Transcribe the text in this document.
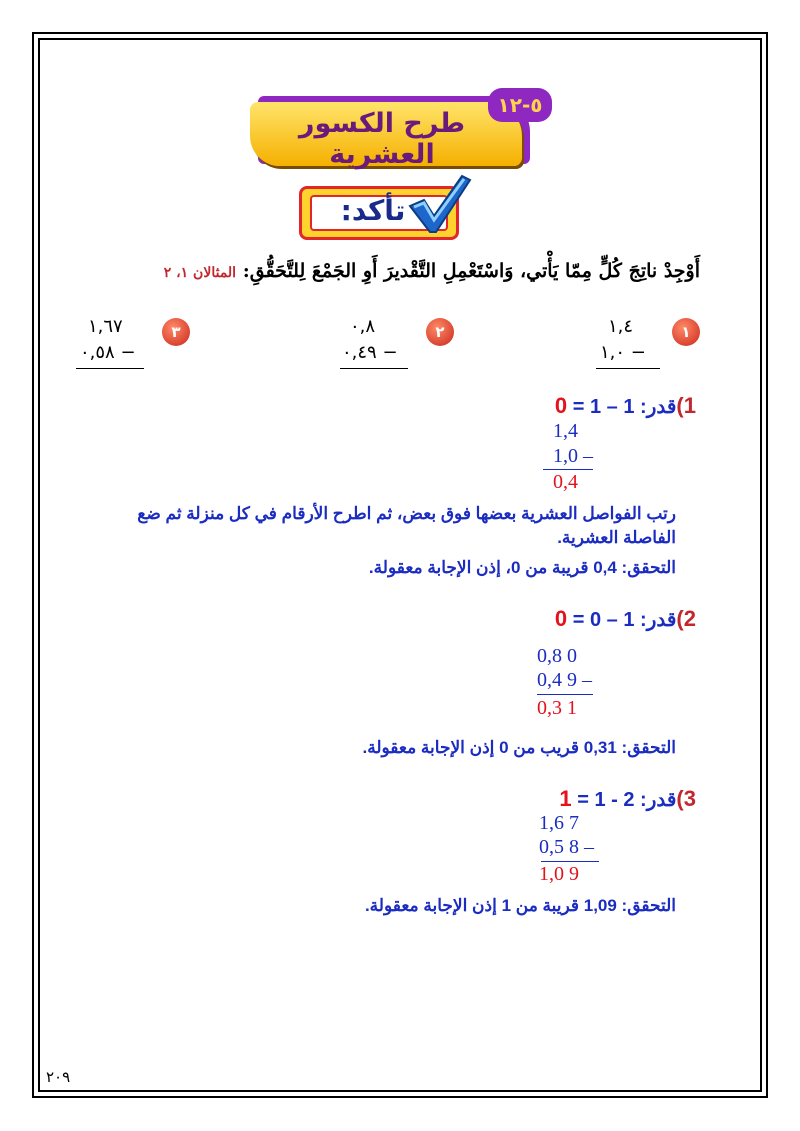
طرح الكسور العشرية
٥-١٢
تأكد:
أَوْجِدْ ناتِجَ كُلٍّ مِمّا يَأْتي، وَاسْتَعْمِلِ التَّقْديرَ أَوِ الجَمْعَ لِلتَّحَقُّقِ: المثالان ١، ٢
١
١,٤
١,٠ −
٢
٠,٨
٠,٤٩ −
٣
١,٦٧
٠,٥٨ −
1)قدر: 1 – 1 = 0
1,4
1,0 –
0,4
رتب الفواصل العشرية بعضها فوق بعض، ثم اطرح الأرقام في كل منزلة ثم ضع الفاصلة العشرية.
التحقق: 0,4 قريبة من 0، إذن الإجابة معقولة.
2)قدر: 1 – 0 = 0
0,8 0
0,4 9 –
0,3 1
التحقق: 0,31 قريب من 0 إذن الإجابة معقولة.
3)قدر: 2 - 1 = 1
1,6 7
0,5 8 –
1,0 9
التحقق: 1,09 قريبة من 1 إذن الإجابة معقولة.
٢٠٩
